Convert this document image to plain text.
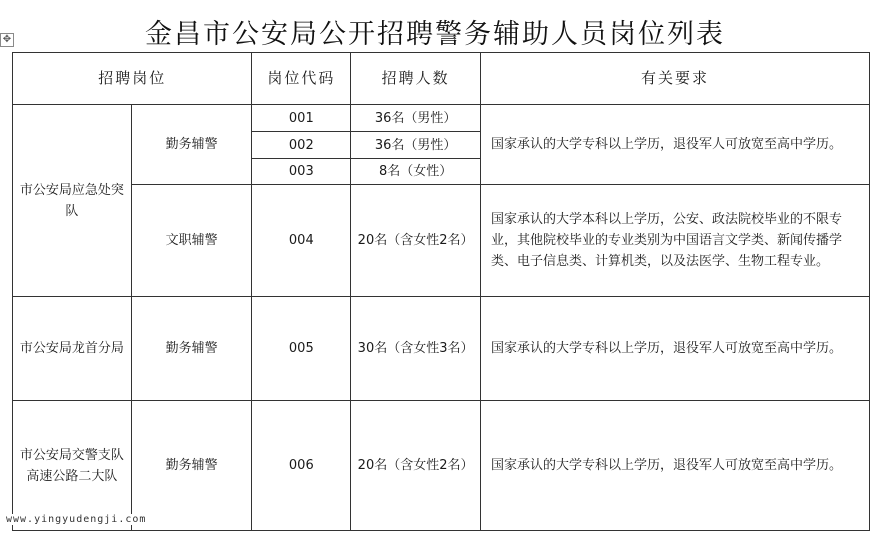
金昌市公安局公开招聘警务辅助人员岗位列表
✥
招聘岗位		岗位代码	招聘人数	有关要求
市公安局应急处突队	勤务辅警	001	36名（男性）	国家承认的大学专科以上学历，退役军人可放宽至高中学历。
		002	36名（男性）	
		003	8名（女性）	
	文职辅警	004	20名（含女性2名）	国家承认的大学本科以上学历，公安、政法院校毕业的不限专业，其他院校毕业的专业类别为中国语言文学类、新闻传播学类、电子信息类、计算机类，以及法医学、生物工程专业。
市公安局龙首分局	勤务辅警	005	30名（含女性3名）	国家承认的大学专科以上学历，退役军人可放宽至高中学历。
市公安局交警支队高速公路二大队	勤务辅警	006	20名（含女性2名）	国家承认的大学专科以上学历，退役军人可放宽至高中学历。
www.yingyudengji.com
